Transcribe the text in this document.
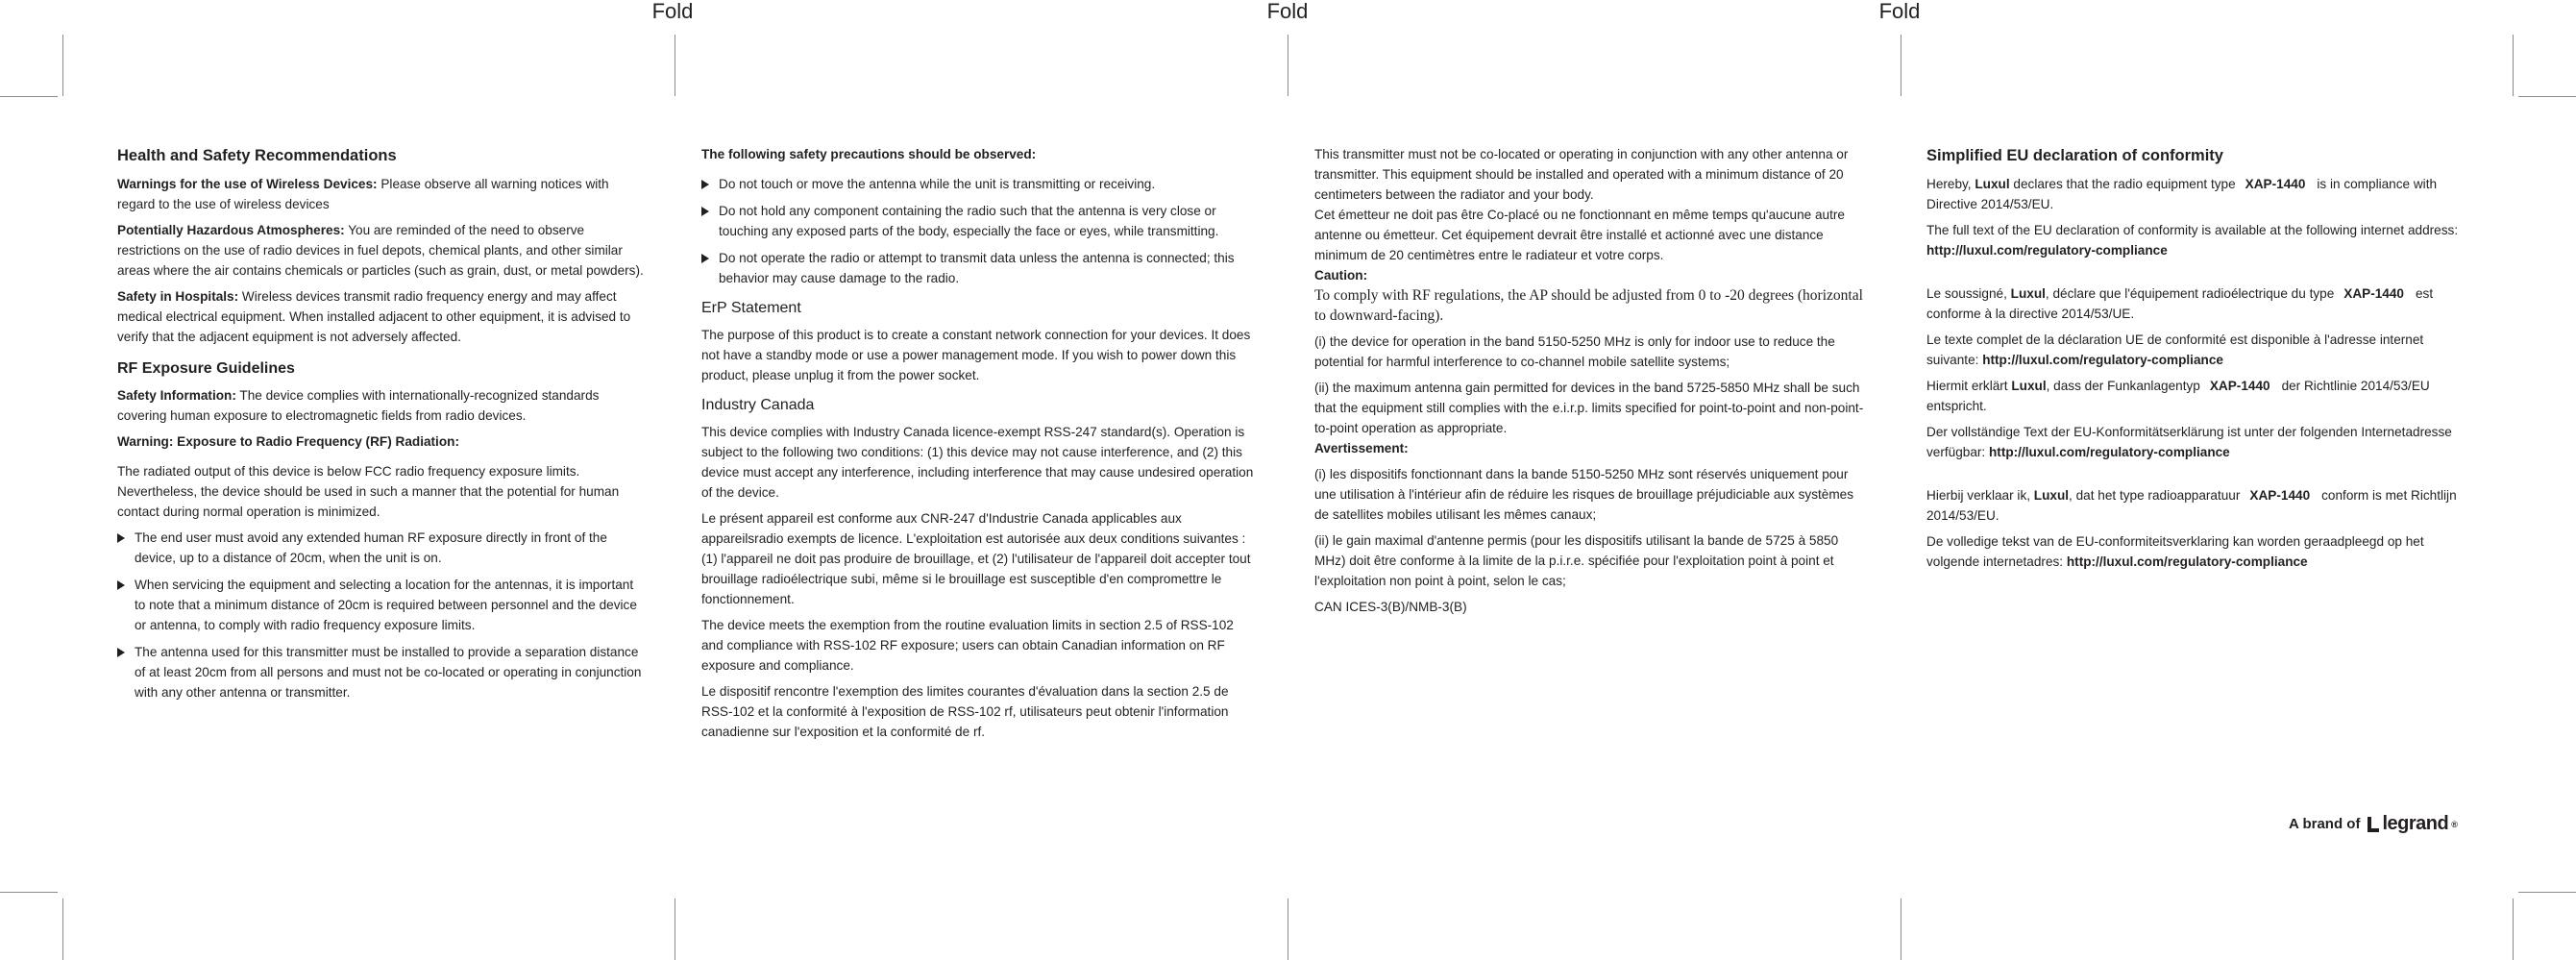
Fold	Fold	Fold
Health and Safety Recommendations

Warnings for the use of Wireless Devices: Please observe all warning notices with regard to the use of wireless devices

Potentially Hazardous Atmospheres: You are reminded of the need to observe restrictions on the use of radio devices in fuel depots, chemical plants, and other similar areas where the air contains chemicals or particles (such as grain, dust, or metal powders).

Safety in Hospitals: Wireless devices transmit radio frequency energy and may affect medical electrical equipment. When installed adjacent to other equipment, it is advised to verify that the adjacent equipment is not adversely affected.

RF Exposure Guidelines

Safety Information: The device complies with internationally-recognized standards covering human exposure to electromagnetic fields from radio devices.

Warning: Exposure to Radio Frequency (RF) Radiation:

The radiated output of this device is below FCC radio frequency exposure limits. Nevertheless, the device should be used in such a manner that the potential for human contact during normal operation is minimized.

The end user must avoid any extended human RF exposure directly in front of the device, up to a distance of 20cm, when the unit is on.
When servicing the equipment and selecting a location for the antennas, it is important to note that a minimum distance of 20cm is required between personnel and the device or antenna, to comply with radio frequency exposure limits.
The antenna used for this transmitter must be installed to provide a separation distance of at least 20cm from all persons and must not be co-located or operating in conjunction with any other antenna or transmitter.

The following safety precautions should be observed:

Do not touch or move the antenna while the unit is transmitting or receiving.
Do not hold any component containing the radio such that the antenna is very close or touching any exposed parts of the body, especially the face or eyes, while transmitting.
Do not operate the radio or attempt to transmit data unless the antenna is connected; this behavior may cause damage to the radio.
ErP Statement

The purpose of this product is to create a constant network connection for your devices. It does not have a standby mode or use a power management mode. If you wish to power down this product, please unplug it from the power socket.

Industry Canada

This device complies with Industry Canada licence-exempt RSS-247 standard(s). Operation is subject to the following two conditions: (1) this device may not cause interference, and (2) this device must accept any interference, including interference that may cause undesired operation of the device.

Le présent appareil est conforme aux CNR-247 d'Industrie Canada applicables aux appareilsradio exempts de licence. L'exploitation est autorisée aux deux conditions suivantes : (1) l'appareil ne doit pas produire de brouillage, et (2) l'utilisateur de l'appareil doit accepter tout brouillage radioélectrique subi, même si le brouillage est susceptible d'en compromettre le fonctionnement.

The device meets the exemption from the routine evaluation limits in section 2.5 of RSS-102 and compliance with RSS-102 RF exposure; users can obtain Canadian information on RF exposure and compliance.

Le dispositif rencontre l'exemption des limites courantes d'évaluation dans la section 2.5 de RSS-102 et la conformité à l'exposition de RSS-102 rf, utilisateurs peut obtenir l'information canadienne sur l'exposition et la conformité de rf.

This transmitter must not be co-located or operating in conjunction with any other antenna or transmitter. This equipment should be installed and operated with a minimum distance of 20 centimeters between the radiator and your body.

Cet émetteur ne doit pas être Co-placé ou ne fonctionnant en même temps qu'aucune autre antenne ou émetteur. Cet équipement devrait être installé et actionné avec une distance minimum de 20 centimètres entre le radiateur et votre corps.

Caution:

To comply with RF regulations, the AP should be adjusted from 0 to -20 degrees (horizontal to downward-facing).

(i) the device for operation in the band 5150-5250 MHz is only for indoor use to reduce the potential for harmful interference to co-channel mobile satellite systems;

(ii) the maximum antenna gain permitted for devices in the band 5725-5850 MHz shall be such that the equipment still complies with the e.i.r.p. limits specified for point-to-point and non-point-to-point operation as appropriate.

Avertissement:

(i) les dispositifs fonctionnant dans la bande 5150-5250 MHz sont réservés uniquement pour une utilisation à l'intérieur afin de réduire les risques de brouillage préjudiciable aux systèmes de satellites mobiles utilisant les mêmes canaux;

(ii) le gain maximal d'antenne permis (pour les dispositifs utilisant la bande de 5725 à 5850 MHz) doit être conforme à la limite de la p.i.r.e. spécifiée pour l'exploitation point à point et l'exploitation non point à point, selon le cas;

CAN ICES-3(B)/NMB-3(B)

Simplified EU declaration of conformity

Hereby, Luxul declares that the radio equipment type XAP-1440 is in compliance with Directive 2014/53/EU.

The full text of the EU declaration of conformity is available at the following internet address: http://luxul.com/regulatory-compliance

Le soussigné, Luxul, déclare que l'équipement radioélectrique du type XAP-1440 est conforme à la directive 2014/53/UE.

Le texte complet de la déclaration UE de conformité est disponible à l'adresse internet suivante: http://luxul.com/regulatory-compliance

Hiermit erklärt Luxul, dass der Funkanlagentyp XAP-1440 der Richtlinie 2014/53/EU entspricht.

Der vollständige Text der EU-Konformitätserklärung ist unter der folgenden Internetadresse verfügbar: http://luxul.com/regulatory-compliance

Hierbij verklaar ik, Luxul, dat het type radioapparatuur XAP-1440 conform is met Richtlijn 2014/53/EU.

De volledige tekst van de EU-conformiteitsverklaring kan worden geraadpleegd op het volgende internetadres: http://luxul.com/regulatory-compliance

A brand of legrand ®
